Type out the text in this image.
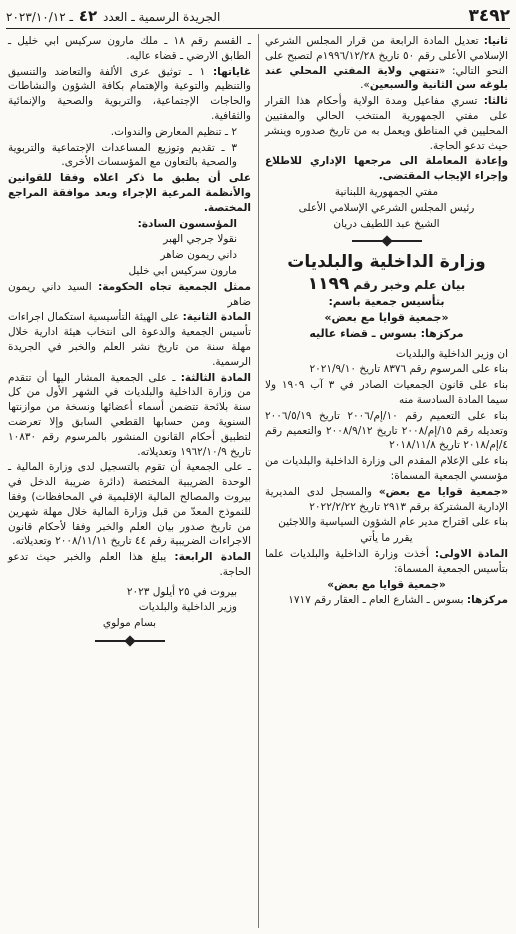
٣٤٩٢
الجريدة الرسمية ـ العدد ٤٢ ـ ٢٠٢٣/١٠/١٢

ثانيا: تعديل المادة الرابعة من قرار المجلس الشرعي الإسلامي الأعلى رقم ٥٠ تاريخ ١٩٩٦/١٢/٢٨م لتصبح على النحو التالي: «تنتهي ولاية المفتي المحلي عند بلوغه سن الثانية والسبعين».

ثالثا: تسري مفاعيل ومدة الولاية وأحكام هذا القرار على مفتي الجمهورية المنتخب الحالي والمفتيين المحليين في المناطق ويعمل به من تاريخ صدوره وينشر حيث تدعو الحاجة.

وإعادة المعاملة الى مرجعها الإداري للاطلاع وإجراء الإيجاب المقتضى.

مفتي الجمهورية اللبنانية

رئيس المجلس الشرعي الإسلامي الأعلى

الشيخ عبد اللطيف دريان

وزارة الداخلية والبلديات
بيان علم وخبر رقم ١١٩٩
بتأسيس جمعية باسم:
«جمعية قوايا مع بعض»
مركزها: بسوس ـ قضاء عاليه

ان وزير الداخلية والبلديات

بناء على المرسوم رقم ٨٣٧٦ تاريخ ٢٠٢١/٩/١٠

بناء على قانون الجمعيات الصادر في ٣ آب ١٩٠٩ ولا سيما المادة السادسة منه

بناء على التعميم رقم ١٠/إم/٢٠٠٦ تاريخ ٢٠٠٦/٥/١٩ وتعديله رقم ١٥/إم/٢٠٠٨ تاريخ ٢٠٠٨/٩/١٢ والتعميم رقم ٤/إم/٢٠١٨ تاريخ ٢٠١٨/١١/٨

بناء على الإعلام المقدم الى وزارة الداخلية والبلديات من مؤسسي الجمعية المسماة:

«جمعية قوايا مع بعض» والمسجل لدى المديرية الإدارية المشتركة برقم ٢٩١٣ تاريخ ٢٠٢٢/٢/٢٢

بناء على اقتراح مدير عام الشؤون السياسية واللاجئين

يقرر ما يأتي

المادة الاولى: أخذت وزارة الداخلية والبلديات علما بتأسيس الجمعية المسماة:

«جمعية قوايا مع بعض»

مركزها: بسوس ـ الشارع العام ـ العقار رقم ١٧١٧

ـ القسم رقم ١٨ ـ ملك مارون سركيس ابي خليل ـ الطابق الارضي ـ قضاء عاليه.

غاياتها: ١ ـ توثيق عرى الألفة والتعاضد والتنسيق والتنظيم والتوعية والإهتمام بكافة الشؤون والنشاطات والحاجات الإجتماعية، والتربوية والصحية والإنمائية والثقافية.

٢ ـ تنظيم المعارض والندوات.

٣ ـ تقديم وتوزيع المساعدات الإجتماعية والتربوية والصحية بالتعاون مع المؤسسات الأخرى.

على أن يطبق ما ذكر اعلاه وفقا للقوانين والأنظمة المرعية الإجراء وبعد موافقة المراجع المختصة.

المؤسسون السادة:

نقولا جرجي الهبر

داني ريمون ضاهر

مارون سركيس ابي خليل

ممثل الجمعية تجاه الحكومة: السيد داني ريمون ضاهر

المادة الثانية: على الهيئة التأسيسية استكمال اجراءات تأسيس الجمعية والدعوة الى انتخاب هيئة ادارية خلال مهلة سنة من تاريخ نشر العلم والخبر في الجريدة الرسمية.

المادة الثالثة: ـ على الجمعية المشار اليها أن تتقدم من وزارة الداخلية والبلديات في الشهر الأول من كل سنة بلائحة تتضمن أسماء أعضائها ونسخة من موازنتها السنوية ومن حسابها القطعي السابق وإلا تعرضت لتطبيق أحكام القانون المنشور بالمرسوم رقم ١٠٨٣٠ تاريخ ١٩٦٢/١٠/٩ وتعديلاته.

ـ على الجمعية أن تقوم بالتسجيل لدى وزارة المالية ـ الوحدة الضريبية المختصة (دائرة ضريبة الدخل في بيروت والمصالح المالية الإقليمية في المحافظات) وفقا للنموذج المعدّ من قبل وزارة المالية خلال مهلة شهرين من تاريخ صدور بيان العلم والخبر وفقا لأحكام قانون الاجراءات الضريبية رقم ٤٤ تاريخ ٢٠٠٨/١١/١١ وتعديلاته.

المادة الرابعة: يبلغ هذا العلم والخبر حيث تدعو الحاجة.

بيروت في ٢٥ أيلول ٢٠٢٣

وزير الداخلية والبلديات

بسام مولوي
